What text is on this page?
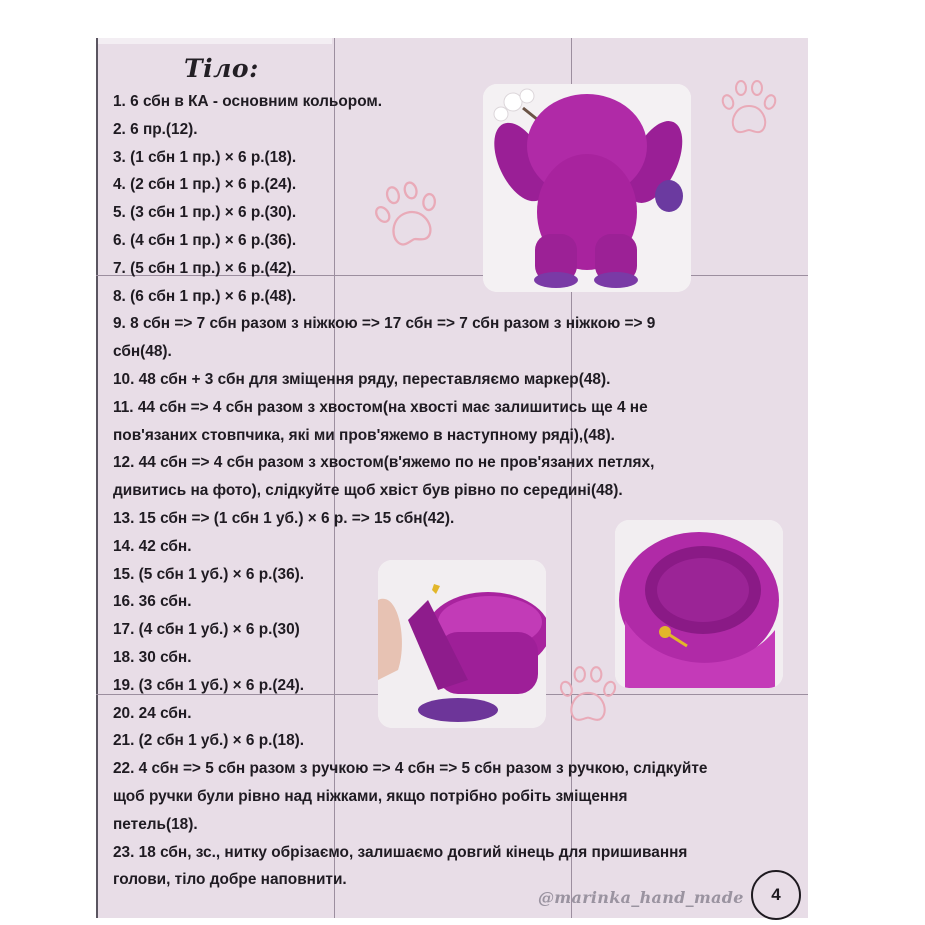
Тіло:
1. 6 сбн в КА - основним кольором.
2. 6 пр.(12).
3. (1 сбн 1 пр.) × 6 р.(18).
4. (2 сбн 1 пр.) × 6 р.(24).
5. (3 сбн 1 пр.) × 6 р.(30).
6. (4 сбн 1 пр.) × 6 р.(36).
7. (5 сбн 1 пр.) × 6 р.(42).
8. (6 сбн 1 пр.) × 6 р.(48).
9. 8 сбн => 7 сбн разом з ніжкою => 17 сбн => 7 сбн разом з ніжкою => 9
сбн(48).
10. 48 сбн + 3 сбн для зміщення ряду, переставляємо маркер(48).
11. 44 сбн => 4 сбн разом з хвостом(на хвості має залишитись ще 4 не
пов'язаних стовпчика, які ми пров'яжемо в наступному ряді),(48).
12. 44 сбн => 4 сбн разом з хвостом(в'яжемо по не пров'язаних петлях,
дивитись на фото), слідкуйте щоб хвіст був рівно по середині(48).
13. 15 сбн => (1 сбн 1 уб.) × 6 р. => 15 сбн(42).
14. 42 сбн.
15. (5 сбн 1 уб.) × 6 р.(36).
16. 36 сбн.
17. (4 сбн 1 уб.) × 6 р.(30)
18. 30 сбн.
19. (3 сбн 1 уб.) × 6 р.(24).
20. 24 сбн.
21. (2 сбн 1 уб.) × 6 р.(18).
22. 4 сбн => 5 сбн разом з ручкою => 4 сбн => 5 сбн разом з ручкою, слідкуйте
щоб ручки були рівно над ніжками, якщо потрібно робіть зміщення
петель(18).
23. 18 сбн, зс., нитку обрізаємо, залишаємо довгий кінець для пришивання
голови, тіло добре наповнити.
@marinka_hand_made	4
